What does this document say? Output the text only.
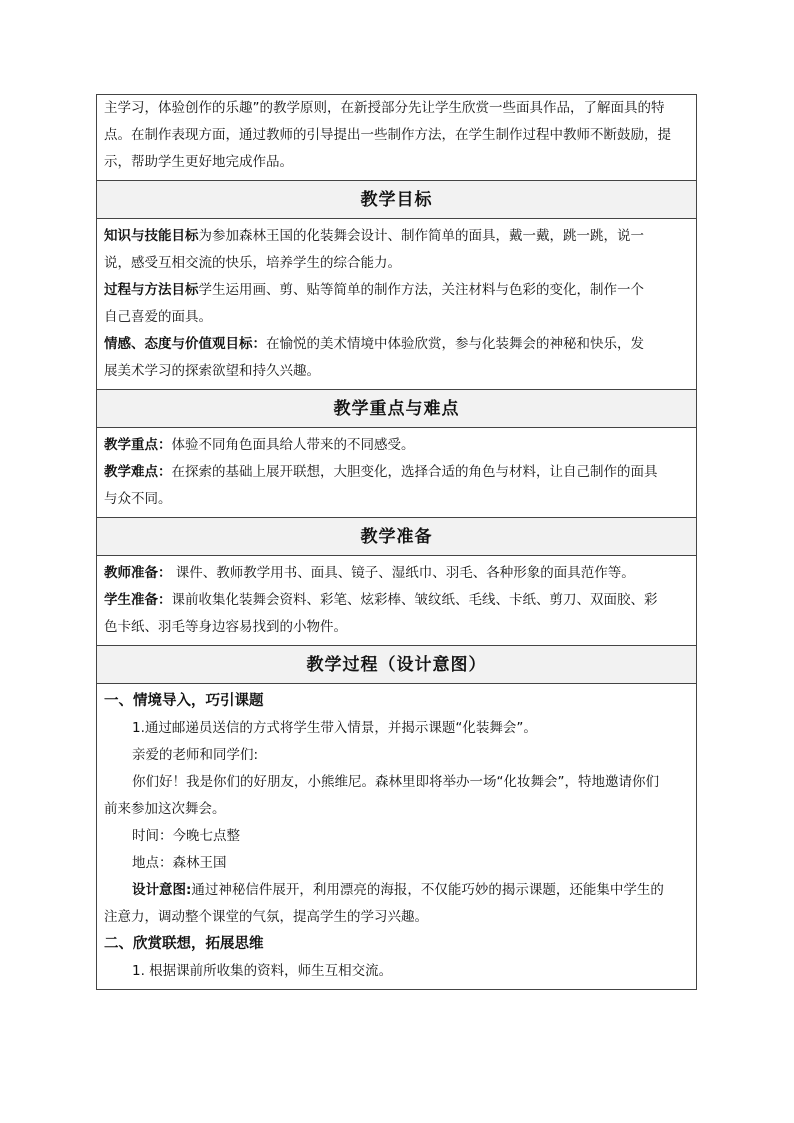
主学习，体验创作的乐趣”的教学原则，在新授部分先让学生欣赏一些面具作品，了解面具的特

点。在制作表现方面，通过教师的引导提出一些制作方法，在学生制作过程中教师不断鼓励，提

示，帮助学生更好地完成作品。

教学目标

知识与技能目标为参加森林王国的化装舞会设计、制作简单的面具，戴一戴，跳一跳，说一

说，感受互相交流的快乐，培养学生的综合能力。

过程与方法目标学生运用画、剪、贴等简单的制作方法，关注材料与色彩的变化，制作一个

自己喜爱的面具。

情感、态度与价值观目标：在愉悦的美术情境中体验欣赏，参与化装舞会的神秘和快乐，发

展美术学习的探索欲望和持久兴趣。

教学重点与难点

教学重点：体验不同角色面具给人带来的不同感受。

教学难点：在探索的基础上展开联想，大胆变化，选择合适的角色与材料，让自己制作的面具

与众不同。

教学准备

教师准备： 课件、教师教学用书、面具、镜子、湿纸巾、羽毛、各种形象的面具范作等。

学生准备：课前收集化装舞会资料、彩笔、炫彩棒、皱纹纸、毛线、卡纸、剪刀、双面胶、彩

色卡纸、羽毛等身边容易找到的小物件。

教学过程（设计意图）

一、情境导入，巧引课题

1.通过邮递员送信的方式将学生带入情景，并揭示课题“化装舞会”。

亲爱的老师和同学们:

你们好！我是你们的好朋友，小熊维尼。森林里即将举办一场“化妆舞会”，特地邀请你们

前来参加这次舞会。

时间：今晚七点整

地点：森林王国

设计意图:通过神秘信件展开，利用漂亮的海报，不仅能巧妙的揭示课题，还能集中学生的

注意力，调动整个课堂的气氛，提高学生的学习兴趣。

二、欣赏联想，拓展思维

1. 根据课前所收集的资料，师生互相交流。
